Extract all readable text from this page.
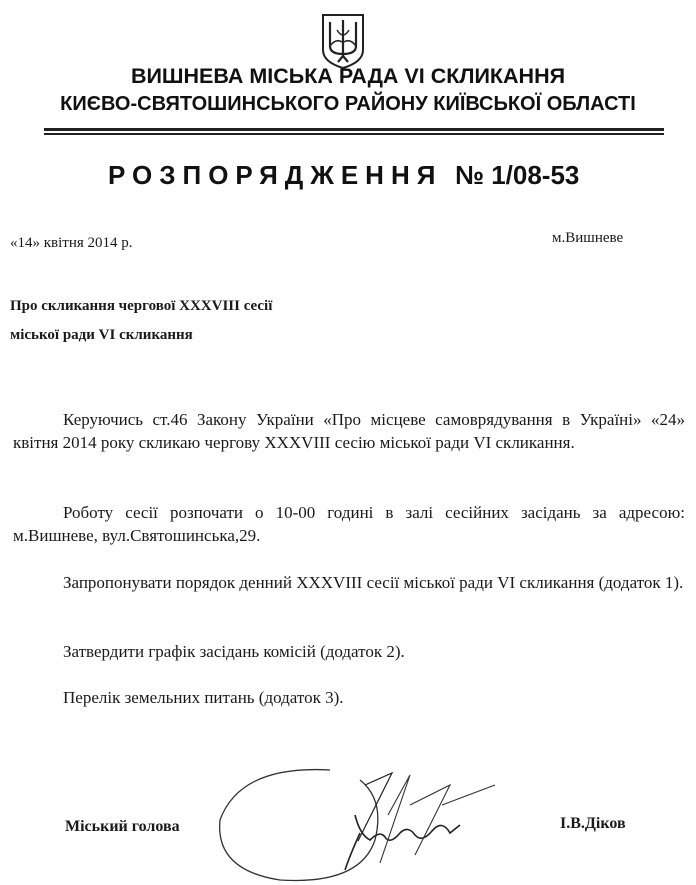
ВИШНЕВА МІСЬКА РАДА VI СКЛИКАННЯ
КИЄВО-СВЯТОШИНСЬКОГО РАЙОНУ КИЇВСЬКОЇ ОБЛАСТІ
РОЗПОРЯДЖЕННЯ № 1/08-53
«14» квітня 2014 р.	м.Вишневе
Про скликання чергової XXXVIII сесії
міської ради VI скликання
Керуючись ст.46 Закону України «Про місцеве самоврядування в Україні» «24» квітня 2014 року скликаю чергову XXXVIII сесію міської ради VI скликання.
Роботу сесії розпочати о 10-00 годині в залі сесійних засідань за адресою: м.Вишневе, вул.Святошинська,29.
Запропонувати порядок денний XXXVIII сесії міської ради VI скликання (додаток 1).
Затвердити графік засідань комісій (додаток 2).
Перелік земельних питань (додаток 3).
Міський голова	І.В.Діков
